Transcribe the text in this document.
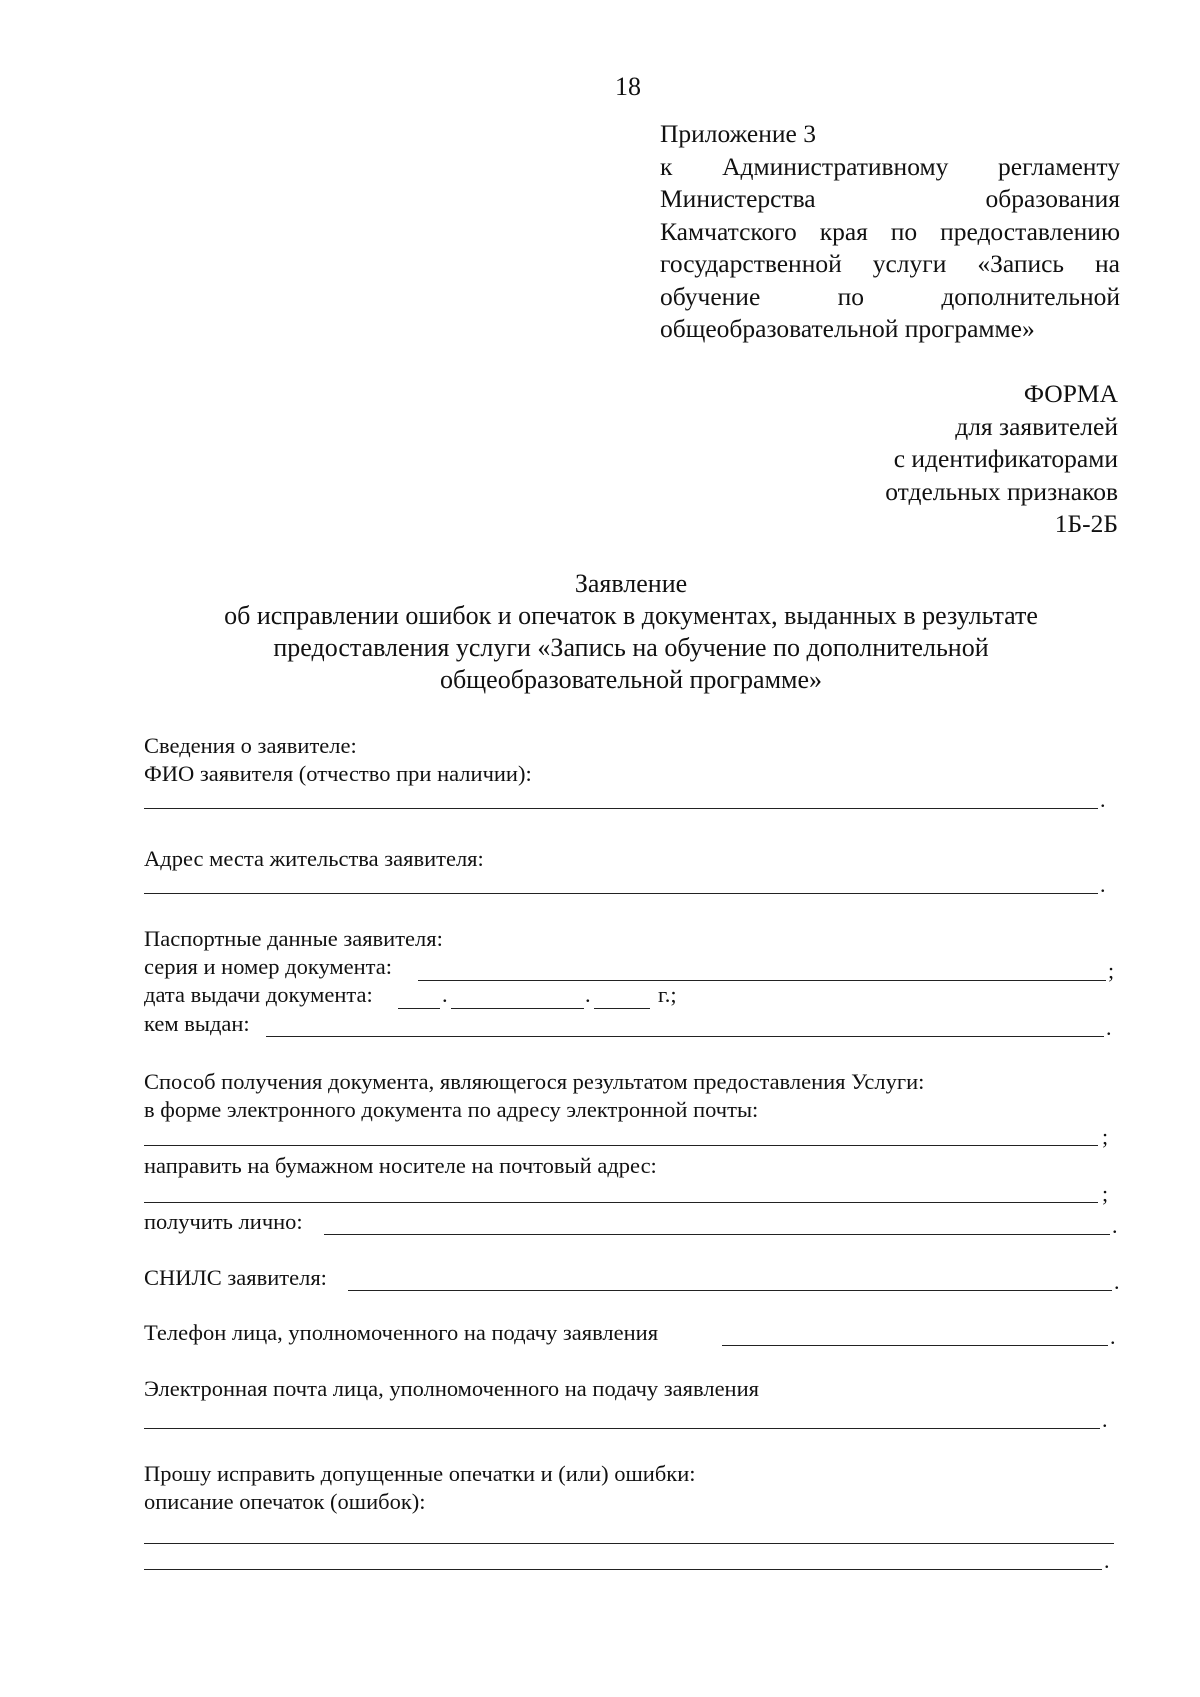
18
Приложение 3
к Административному регламенту
Министерства образования
Камчатского края по предоставлению
государственной услуги «Запись на
обучение по дополнительной
общеобразовательной программе»
ФОРМА
для заявителей
с идентификаторами
отдельных признаков
1Б-2Б
Заявление
об исправлении ошибок и опечаток в документах, выданных в результате
предоставления услуги «Запись на обучение по дополнительной
общеобразовательной программе»
Сведения о заявителе:
ФИО заявителя (отчество при наличии):
.
Адрес места жительства заявителя:
.
Паспортные данные заявителя:
серия и номер документа:	;
дата выдачи документа:	.	.	г.;
кем выдан:	.
Способ получения документа, являющегося результатом предоставления Услуги:
в форме электронного документа по адресу электронной почты:
;
направить на бумажном носителе на почтовый адрес:
;
получить лично:	.
СНИЛС заявителя:	.
Телефон лица, уполномоченного на подачу заявления	.
Электронная почта лица, уполномоченного на подачу заявления
.
Прошу исправить допущенные опечатки и (или) ошибки:
описание опечаток (ошибок):
.
